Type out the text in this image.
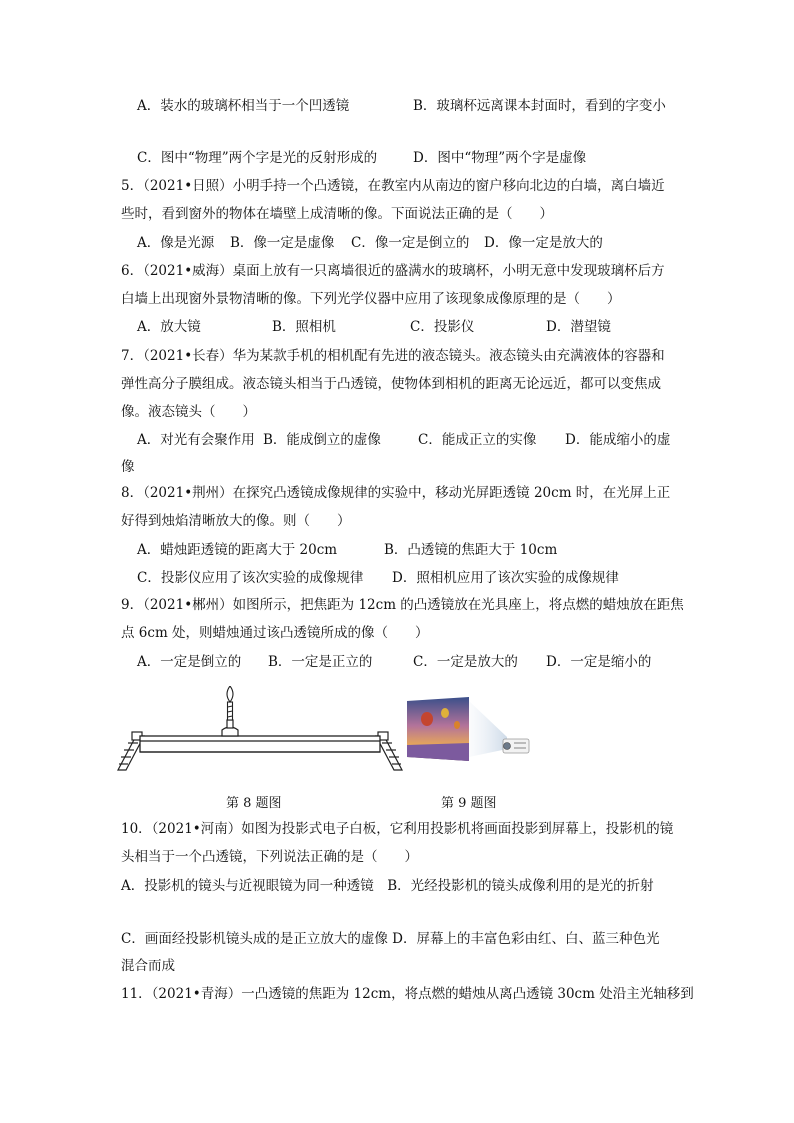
A．装水的玻璃杯相当于一个凹透镜	B．玻璃杯远离课本封面时，看到的字变小
C．图中“物理”两个字是光的反射形成的	D．图中“物理”两个字是虚像
5．（2021•日照）小明手持一个凸透镜，在教室内从南边的窗户移向北边的白墙，离白墙近
些时，看到窗外的物体在墙壁上成清晰的像。下面说法正确的是（　　）
A．像是光源 B．像一定是虚像 C．像一定是倒立的 D．像一定是放大的
6．（2021•威海）桌面上放有一只离墙很近的盛满水的玻璃杯，小明无意中发现玻璃杯后方
白墙上出现窗外景物清晰的像。下列光学仪器中应用了该现象成像原理的是（　　）
A．放大镜	B．照相机	C．投影仪	D．潜望镜
7．（2021•长春）华为某款手机的相机配有先进的液态镜头。液态镜头由充满液体的容器和
弹性高分子膜组成。液态镜头相当于凸透镜，使物体到相机的距离无论远近，都可以变焦成
像。液态镜头（　　）
A．对光有会聚作用 B．能成倒立的虚像	C．能成正立的实像 D．能成缩小的虚
像
8．（2021•荆州）在探究凸透镜成像规律的实验中，移动光屏距透镜 20cm 时，在光屏上正
好得到烛焰清晰放大的像。则（　　）
A．蜡烛距透镜的距离大于 20cm	B．凸透镜的焦距大于 10cm
C．投影仪应用了该次实验的成像规律 D．照相机应用了该次实验的成像规律
9．（2021•郴州）如图所示，把焦距为 12cm 的凸透镜放在光具座上，将点燃的蜡烛放在距焦
点 6cm 处，则蜡烛通过该凸透镜所成的像（　　）
A．一定是倒立的 B．一定是正立的	C．一定是放大的 D．一定是缩小的
第 8 题图	第 9 题图
10．（2021•河南）如图为投影式电子白板，它利用投影机将画面投影到屏幕上，投影机的镜
头相当于一个凸透镜，下列说法正确的是（　　）
A．投影机的镜头与近视眼镜为同一种透镜　B．光经投影机的镜头成像利用的是光的折射
C．画面经投影机镜头成的是正立放大的虚像 D．屏幕上的丰富色彩由红、白、蓝三种色光
混合而成
11．（2021•青海）一凸透镜的焦距为 12cm，将点燃的蜡烛从离凸透镜 30cm 处沿主光轴移到
